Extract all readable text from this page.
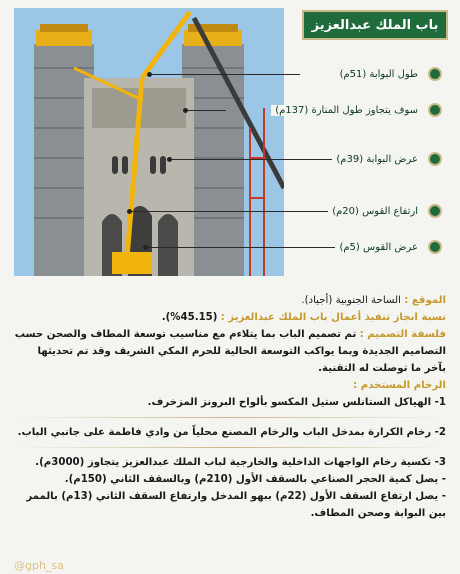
باب الملك عبدالعزيز
طول البوابة (51م)
سوف يتجاوز طول المنارة (137م)
عرض البوابة (39م)
ارتفاع القوس (20م)
عرض القوس (5م)

الموقع : الساحة الجنوبية (أجياد).

نسبة انجاز تنفيذ أعمال باب الملك عبدالعزيز : (45.15%).

فلسفة التصميم : تم تصميم الباب بما يتلاءم مع مناسيب توسعة المطاف والصحن حسب التصاميم الجديدة وبما يواكب التوسعة الحالية للحرم المكي الشريف وقد تم تحديثها بآخر ما توصلت له التقنية.

الرخام المستخدم :

1- الهياكل الستانلس ستيل المكسو بألواح البرونز المزخرف.

2- رخام الكرارة بمدخل الباب والرخام المصنع محلياً من وادي فاطمة على جانبي الباب.

3- تكسية رخام الواجهات الداخلية والخارجية لباب الملك عبدالعزيز يتجاوز (3000م).

- يصل كمية الحجر الصناعي بالسقف الأول (210م) وبالسقف الثاني (150م).

- يصل ارتفاع السقف الأول (22م) ببهو المدخل وارتفاع السقف الثاني (13م) بالممر بين البوابة وصحن المطاف.

@gph_sa
